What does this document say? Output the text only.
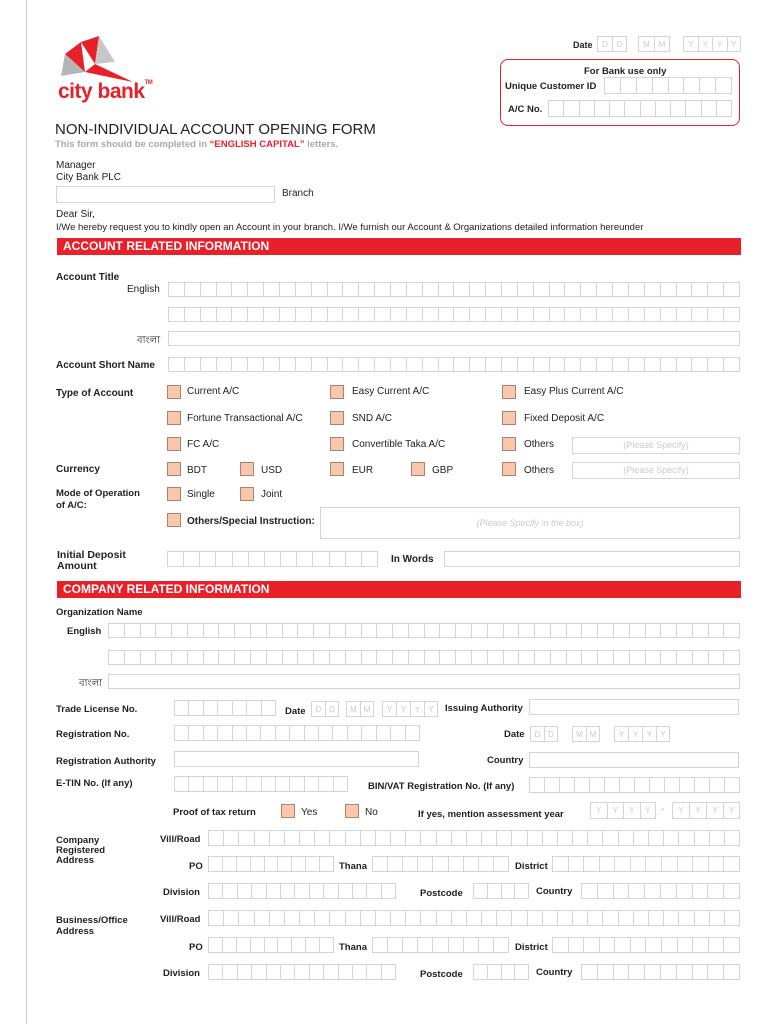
city bank™
Date	D	D	M	M	Y	Y	Y	Y
For Bank use only
Unique Customer ID
A/C No.
NON-INDIVIDUAL ACCOUNT OPENING FORM
This form should be completed in “ENGLISH CAPITAL” letters.
Manager
City Bank PLC
Branch
Dear Sir,
I/We hereby request you to kindly open an Account in your branch. I/We furnish our Account & Organizations detailed information hereunder
ACCOUNT RELATED INFORMATION
Account Title
English
বাংলা
Account Short Name
Type of Account	Current A/C	Easy Current A/C	Easy Plus Current A/C
Fortune Transactional A/C	SND A/C	Fixed Deposit A/C
FC A/C	Convertible Taka A/C	Others	(Please Specify)
Currency	BDT	USD	EUR	GBP	Others	(Please Specify)
Mode of Operation
of A/C:
Single	Joint
Others/Special Instruction:	(Please Specify in the box)
Initial Deposit
Amount
In Words
COMPANY RELATED INFORMATION
Organization Name
English
বাংলা
Trade License No.	Date	D D	M M	Y	Y	Y	Y	Issuing Authority
Registration No.	Date	D D	M M	Y	Y	Y	Y
Registration Authority	Country
E-TIN No. (If any)	BIN/VAT Registration No. (If any)
Proof of tax return	Yes	No	If yes, mention assessment year	Y	Y	Y	Y	-	Y	Y	Y	Y
Company
Registered
Address
Vill/Road
PO	Thana	District
Division	Postcode	Country
Business/Office
Address
Vill/Road
PO	Thana	District
Division	Postcode	Country
